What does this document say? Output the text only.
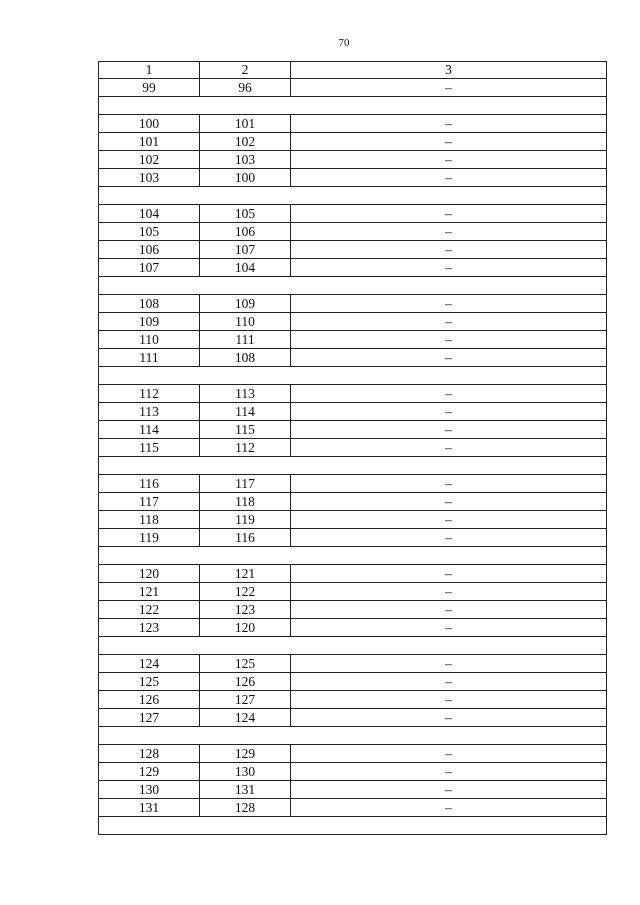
70
1	2	3
99	96	–

100	101	–
101	102	–
102	103	–
103	100	–

104	105	–
105	106	–
106	107	–
107	104	–

108	109	–
109	110	–
110	111	–
111	108	–

112	113	–
113	114	–
114	115	–
115	112	–

116	117	–
117	118	–
118	119	–
119	116	–

120	121	–
121	122	–
122	123	–
123	120	–

124	125	–
125	126	–
126	127	–
127	124	–

128	129	–
129	130	–
130	131	–
131	128	–
